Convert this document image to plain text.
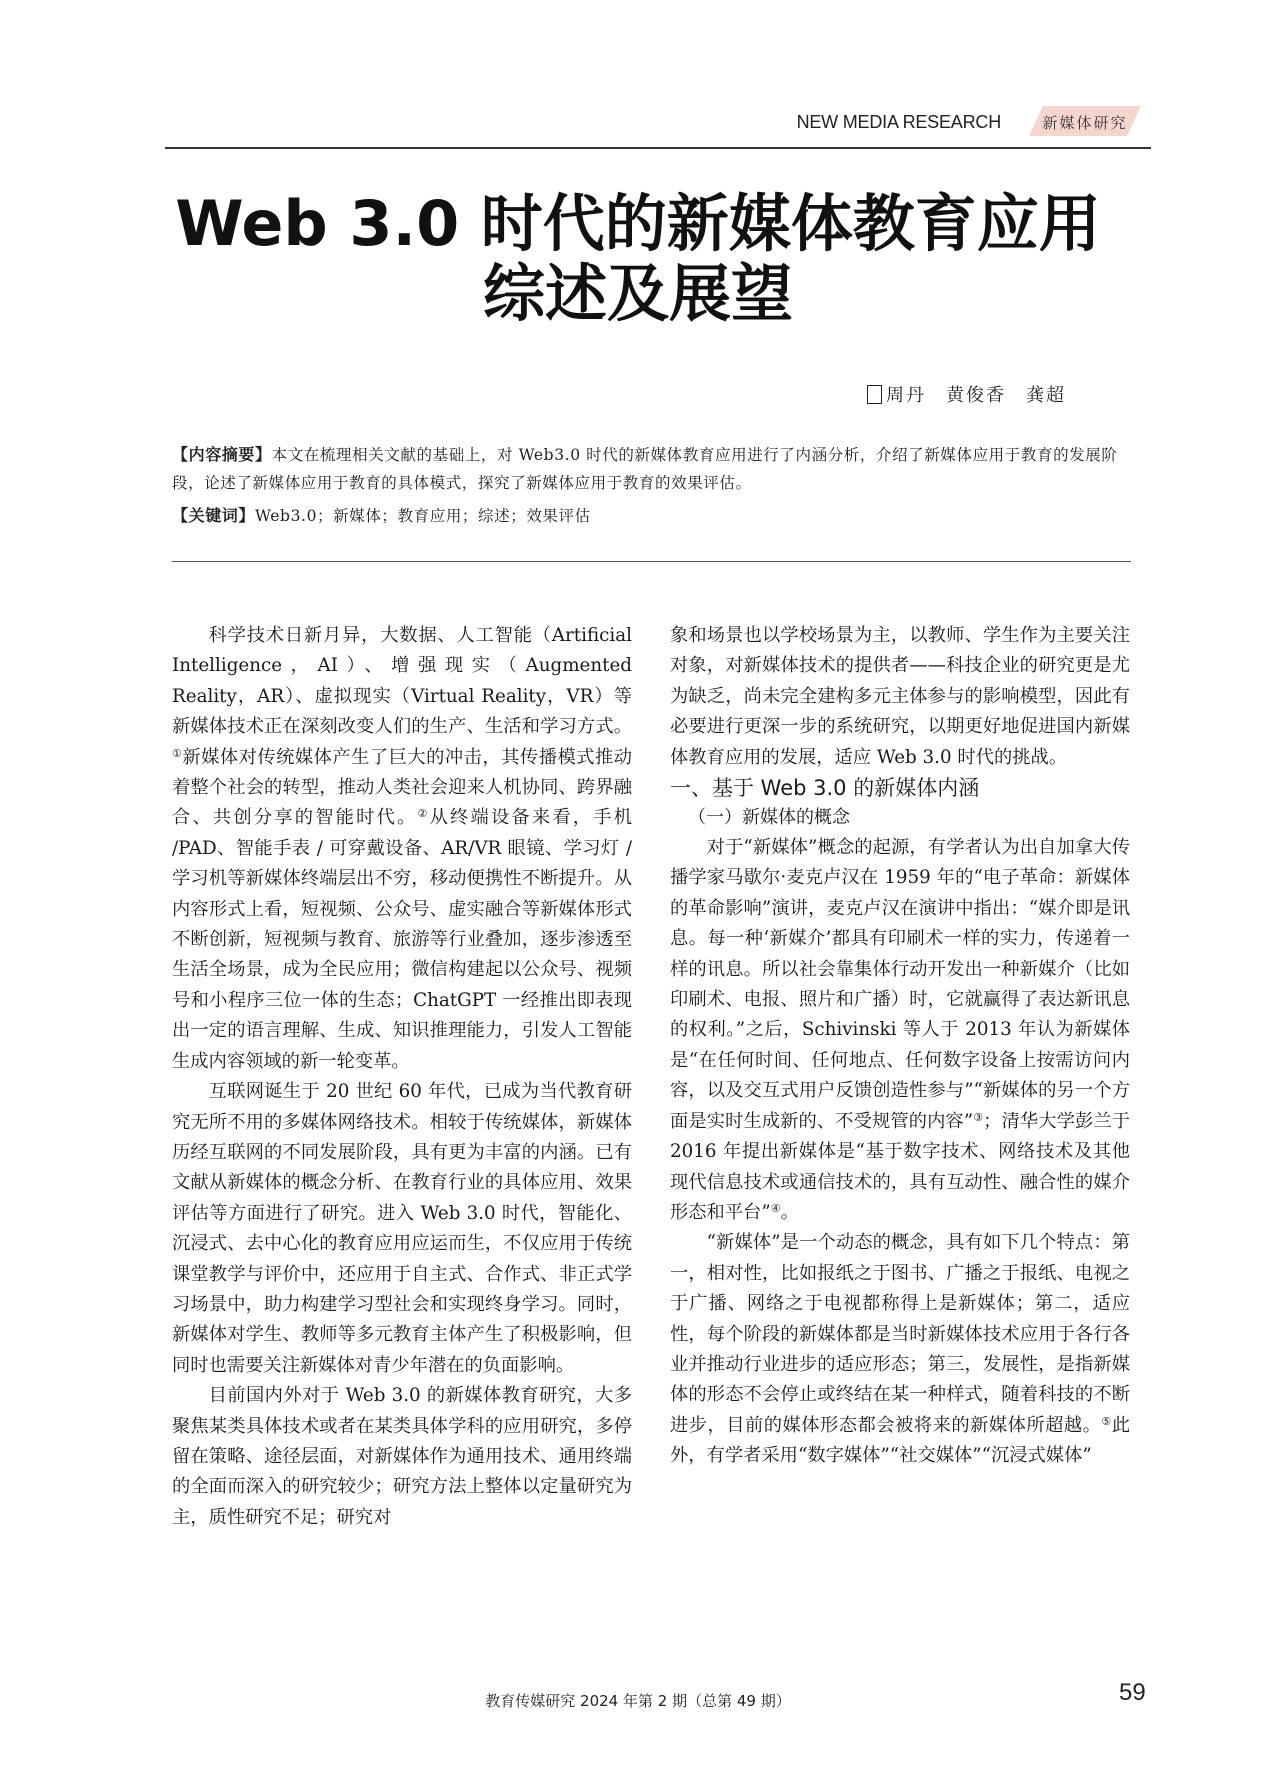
NEW MEDIA RESEARCH	新媒体研究
Web 3.0 时代的新媒体教育应用
综述及展望
周丹　黄俊香　龚超
【内容摘要】本文在梳理相关文献的基础上，对 Web3.0 时代的新媒体教育应用进行了内涵分析，介绍了新媒体应用于教育的发展阶段，论述了新媒体应用于教育的具体模式，探究了新媒体应用于教育的效果评估。
【关键词】Web3.0；新媒体；教育应用；综述；效果评估

科学技术日新月异，大数据、人工智能（Artificial Intelligence，AI）、增强现实（Augmented Reality，AR）、虚拟现实（Virtual Reality，VR）等新媒体技术正在深刻改变人们的生产、生活和学习方式。①新媒体对传统媒体产生了巨大的冲击，其传播模式推动着整个社会的转型，推动人类社会迎来人机协同、跨界融合、共创分享的智能时代。②从终端设备来看，手机 /PAD、智能手表 / 可穿戴设备、AR/VR 眼镜、学习灯 / 学习机等新媒体终端层出不穷，移动便携性不断提升。从内容形式上看，短视频、公众号、虚实融合等新媒体形式不断创新，短视频与教育、旅游等行业叠加，逐步渗透至生活全场景，成为全民应用；微信构建起以公众号、视频号和小程序三位一体的生态；ChatGPT 一经推出即表现出一定的语言理解、生成、知识推理能力，引发人工智能生成内容领域的新一轮变革。

互联网诞生于 20 世纪 60 年代，已成为当代教育研究无所不用的多媒体网络技术。相较于传统媒体，新媒体历经互联网的不同发展阶段，具有更为丰富的内涵。已有文献从新媒体的概念分析、在教育行业的具体应用、效果评估等方面进行了研究。进入 Web 3.0 时代，智能化、沉浸式、去中心化的教育应用应运而生，不仅应用于传统课堂教学与评价中，还应用于自主式、合作式、非正式学习场景中，助力构建学习型社会和实现终身学习。同时，新媒体对学生、教师等多元教育主体产生了积极影响，但同时也需要关注新媒体对青少年潜在的负面影响。

目前国内外对于 Web 3.0 的新媒体教育研究，大多聚焦某类具体技术或者在某类具体学科的应用研究，多停留在策略、途径层面，对新媒体作为通用技术、通用终端的全面而深入的研究较少；研究方法上整体以定量研究为主，质性研究不足；研究对

象和场景也以学校场景为主，以教师、学生作为主要关注对象，对新媒体技术的提供者——科技企业的研究更是尤为缺乏，尚未完全建构多元主体参与的影响模型，因此有必要进行更深一步的系统研究，以期更好地促进国内新媒体教育应用的发展，适应 Web 3.0 时代的挑战。

一、基于 Web 3.0 的新媒体内涵

（一）新媒体的概念

对于“新媒体”概念的起源，有学者认为出自加拿大传播学家马歇尔·麦克卢汉在 1959 年的“电子革命：新媒体的革命影响”演讲，麦克卢汉在演讲中指出：“媒介即是讯息。每一种‘新媒介’都具有印刷术一样的实力，传递着一样的讯息。所以社会靠集体行动开发出一种新媒介（比如印刷术、电报、照片和广播）时，它就赢得了表达新讯息的权利。”之后，Schivinski 等人于 2013 年认为新媒体是“在任何时间、任何地点、任何数字设备上按需访问内容，以及交互式用户反馈创造性参与”“新媒体的另一个方面是实时生成新的、不受规管的内容”③；清华大学彭兰于 2016 年提出新媒体是“基于数字技术、网络技术及其他现代信息技术或通信技术的，具有互动性、融合性的媒介形态和平台”④。

“新媒体”是一个动态的概念，具有如下几个特点：第一，相对性，比如报纸之于图书、广播之于报纸、电视之于广播、网络之于电视都称得上是新媒体；第二，适应性，每个阶段的新媒体都是当时新媒体技术应用于各行各业并推动行业进步的适应形态；第三，发展性，是指新媒体的形态不会停止或终结在某一种样式，随着科技的不断进步，目前的媒体形态都会被将来的新媒体所超越。⑤此外，有学者采用“数字媒体”“社交媒体”“沉浸式媒体”

教育传媒研究 2024 年第 2 期（总第 49 期）	59
